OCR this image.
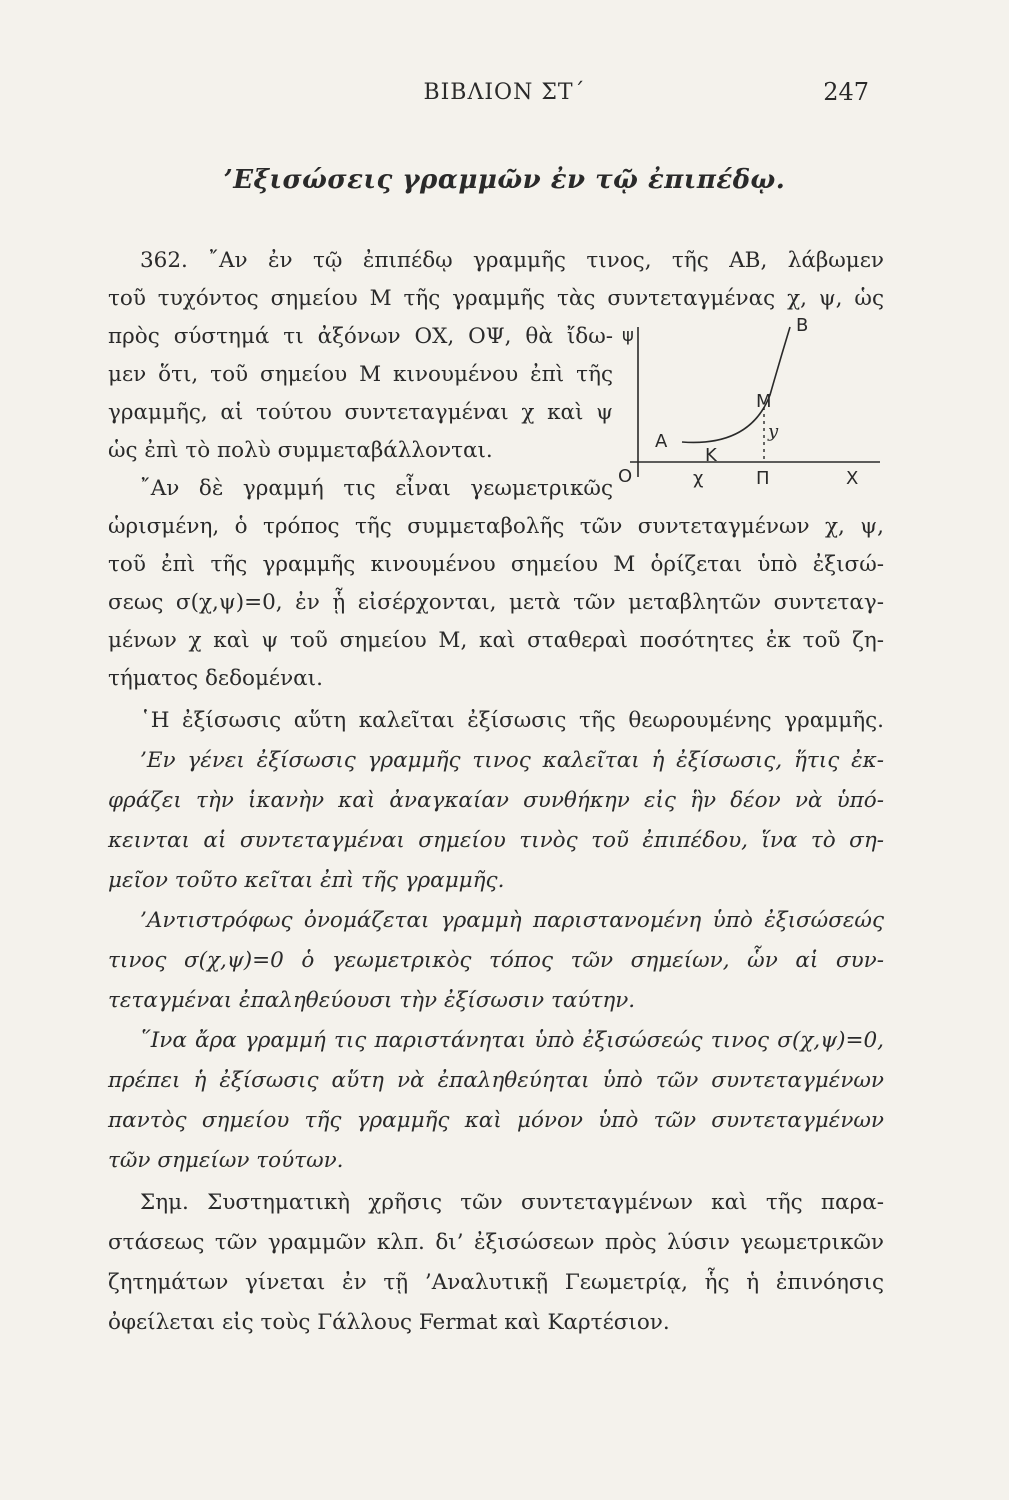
ΒΙΒΛΙΟΝ ΣΤ΄	247
’Εξισώσεις γραμμῶν ἐν τῷ ἐπιπέδῳ.
362. ῎Αν ἐν τῷ ἐπιπέδῳ γραμμῆς τινος, τῆς ΑΒ, λάβωμεν
τοῦ τυχόντος σημείου Μ τῆς γραμμῆς τὰς συντεταγμένας χ, ψ, ὡς
πρὸς σύστημά τι ἀξόνων ΟΧ, ΟΨ, θὰ ἴδω-
μεν ὅτι, τοῦ σημείου Μ κινουμένου ἐπὶ τῆς
γραμμῆς, αἱ τούτου συντεταγμέναι χ καὶ ψ
ὡς ἐπὶ τὸ πολὺ συμμεταβάλλονται.
῎Αν δὲ γραμμή τις εἶναι γεωμετρικῶς
ὡρισμένη, ὁ τρόπος τῆς συμμεταβολῆς τῶν συντεταγμένων χ, ψ,
τοῦ ἐπὶ τῆς γραμμῆς κινουμένου σημείου Μ ὁρίζεται ὑπὸ ἐξισώ-
σεως σ(χ,ψ)=0, ἐν ᾗ εἰσέρχονται, μετὰ τῶν μεταβλητῶν συντεταγ-
μένων χ καὶ ψ τοῦ σημείου Μ, καὶ σταθεραὶ ποσότητες ἐκ τοῦ ζη-
τήματος δεδομέναι.
῾Η ἐξίσωσις αὕτη καλεῖται ἐξίσωσις τῆς θεωρουμένης γραμμῆς.
’Εν γένει ἐξίσωσις γραμμῆς τινος καλεῖται ἡ ἐξίσωσις, ἥτις ἐκ-
φράζει τὴν ἱκανὴν καὶ ἀναγκαίαν συνθήκην εἰς ἣν δέον νὰ ὑπό-
κεινται αἱ συντεταγμέναι σημείου τινὸς τοῦ ἐπιπέδου, ἵνα τὸ ση-
μεῖον τοῦτο κεῖται ἐπὶ τῆς γραμμῆς.
’Αντιστρόφως ὀνομάζεται γραμμὴ παριστανομένη ὑπὸ ἐξισώσεώς
τινος σ(χ,ψ)=0 ὁ γεωμετρικὸς τόπος τῶν σημείων, ὧν αἱ συν-
τεταγμέναι ἐπαληθεύουσι τὴν ἐξίσωσιν ταύτην.
῞Ινα ἄρα γραμμή τις παριστάνηται ὑπὸ ἐξισώσεώς τινος σ(χ,ψ)=0,
πρέπει ἡ ἐξίσωσις αὕτη νὰ ἐπαληθεύηται ὑπὸ τῶν συντεταγμένων
παντὸς σημείου τῆς γραμμῆς καὶ μόνον ὑπὸ τῶν συντεταγμένων
τῶν σημείων τούτων.
Σημ. Συστηματικὴ χρῆσις τῶν συντεταγμένων καὶ τῆς παρα-
στάσεως τῶν γραμμῶν κλπ. δι’ ἐξισώσεων πρὸς λύσιν γεωμετρικῶν
ζητημάτων γίνεται ἐν τῇ ’Αναλυτικῇ Γεωμετρίᾳ, ἧς ἡ ἐπινόησις
ὀφείλεται εἰς τοὺς Γάλλους Fermat καὶ Καρτέσιον.
ψ	Β
Μ
y
Α
Κ
Ο	χ	Π	Χ
